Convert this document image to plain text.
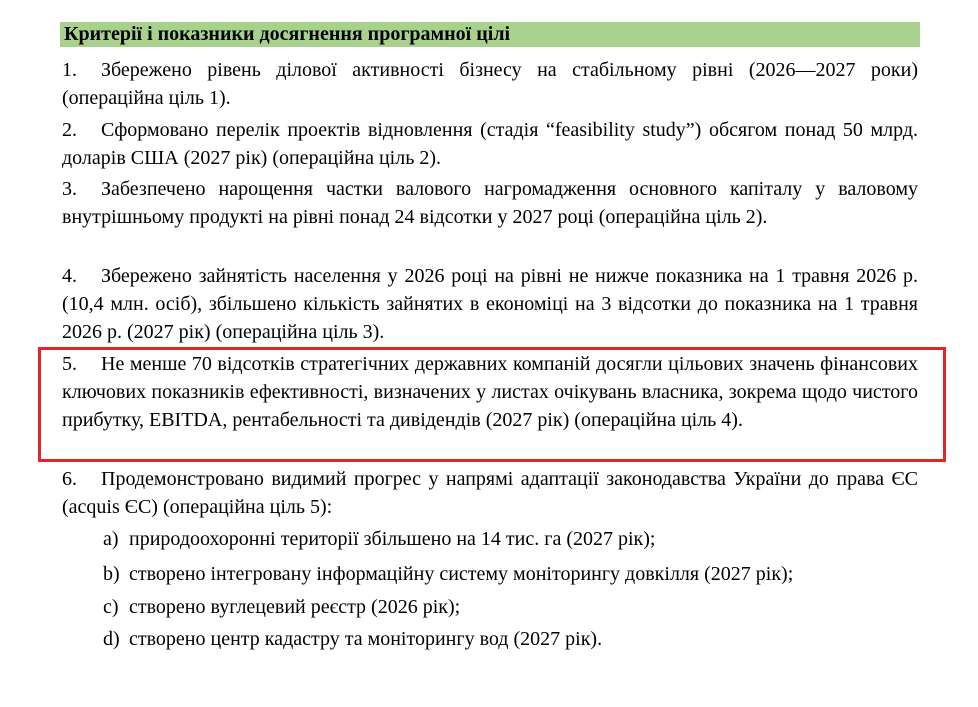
Критерії і показники досягнення програмної цілі

1. Збережено рівень ділової активності бізнесу на стабільному рівні (2026—2027 роки) (операційна ціль 1).

2. Сформовано перелік проектів відновлення (стадія “feasibility study”) обсягом понад 50 млрд. доларів США (2027 рік) (операційна ціль 2).

3. Забезпечено нарощення частки валового нагромадження основного капіталу у валовому внутрішньому продукті на рівні понад 24 відсотки у 2027 році (операційна ціль 2).

4. Збережено зайнятість населення у 2026 році на рівні не нижче показника на 1 травня 2026 р. (10,4 млн. осіб), збільшено кількість зайнятих в економіці на 3 відсотки до показника на 1 травня 2026 р. (2027 рік) (операційна ціль 3).

5. Не менше 70 відсотків стратегічних державних компаній досягли цільових значень фінансових ключових показників ефективності, визначених у листах очікувань власника, зокрема щодо чистого прибутку, EBITDA, рентабельності та дивідендів (2027 рік) (операційна ціль 4).

6. Продемонстровано видимий прогрес у напрямі адаптації законодавства України до права ЄС (acquis ЄС) (операційна ціль 5):

a) природоохоронні території збільшено на 14 тис. га (2027 рік);

b) створено інтегровану інформаційну систему моніторингу довкілля (2027 рік);

c) створено вуглецевий реєстр (2026 рік);

d) створено центр кадастру та моніторингу вод (2027 рік).
